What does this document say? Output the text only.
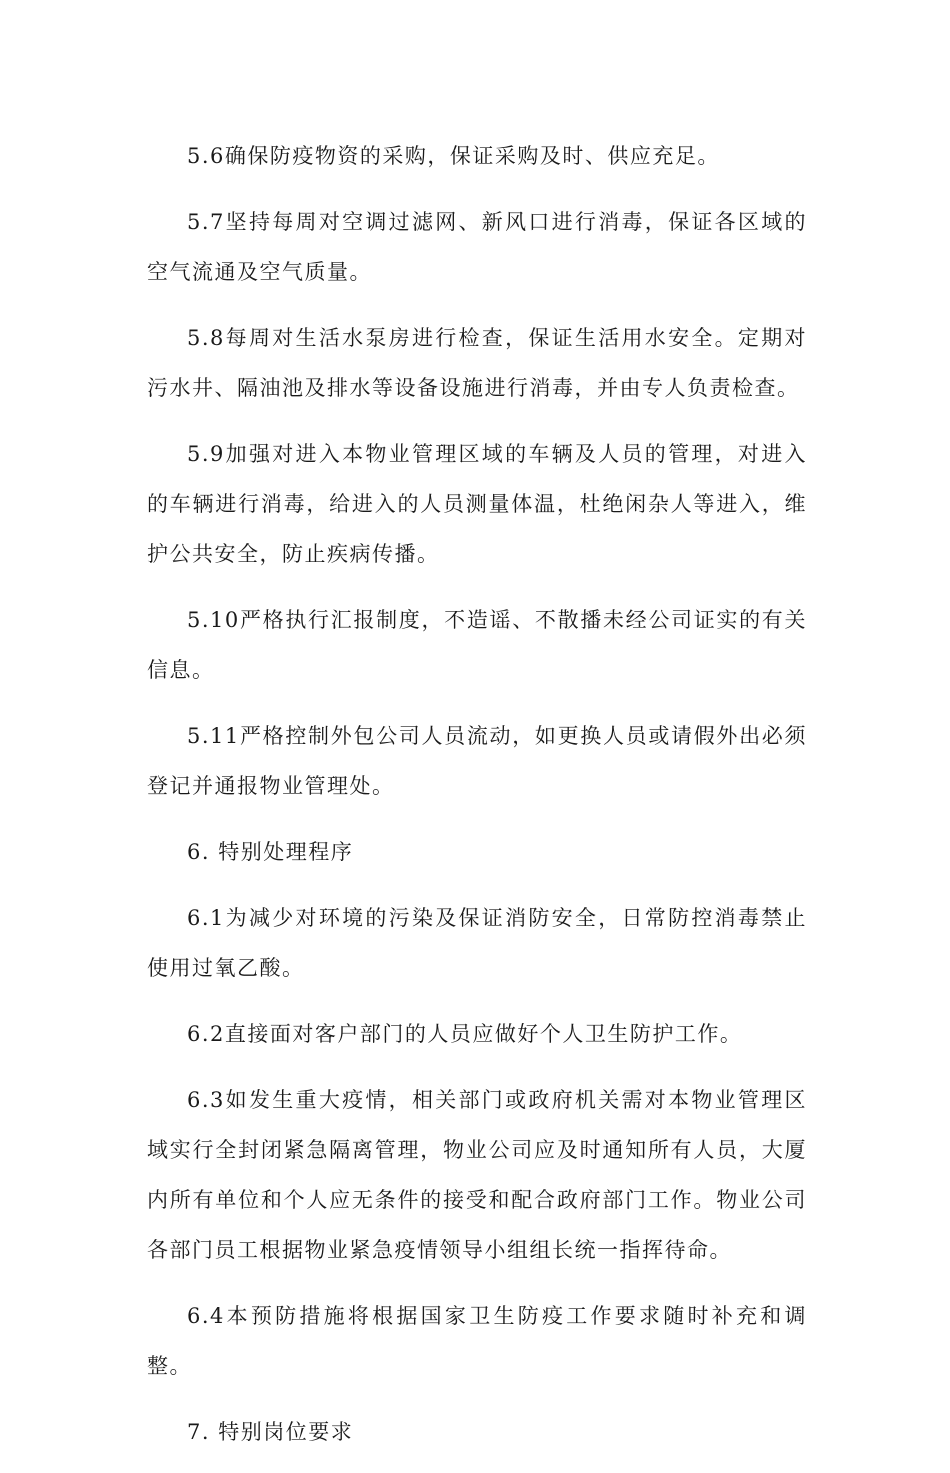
5.6确保防疫物资的采购，保证采购及时、供应充足。

5.7坚持每周对空调过滤网、新风口进行消毒，保证各区域的空气流通及空气质量。

5.8每周对生活水泵房进行检查，保证生活用水安全。定期对污水井、隔油池及排水等设备设施进行消毒，并由专人负责检查。

5.9加强对进入本物业管理区域的车辆及人员的管理，对进入的车辆进行消毒，给进入的人员测量体温，杜绝闲杂人等进入，维护公共安全，防止疾病传播。

5.10严格执行汇报制度，不造谣、不散播未经公司证实的有关信息。

5.11严格控制外包公司人员流动，如更换人员或请假外出必须登记并通报物业管理处。

6. 特别处理程序

6.1为减少对环境的污染及保证消防安全，日常防控消毒禁止使用过氧乙酸。

6.2直接面对客户部门的人员应做好个人卫生防护工作。

6.3如发生重大疫情，相关部门或政府机关需对本物业管理区域实行全封闭紧急隔离管理，物业公司应及时通知所有人员，大厦内所有单位和个人应无条件的接受和配合政府部门工作。物业公司各部门员工根据物业紧急疫情领导小组组长统一指挥待命。

6.4本预防措施将根据国家卫生防疫工作要求随时补充和调整。

7. 特别岗位要求
